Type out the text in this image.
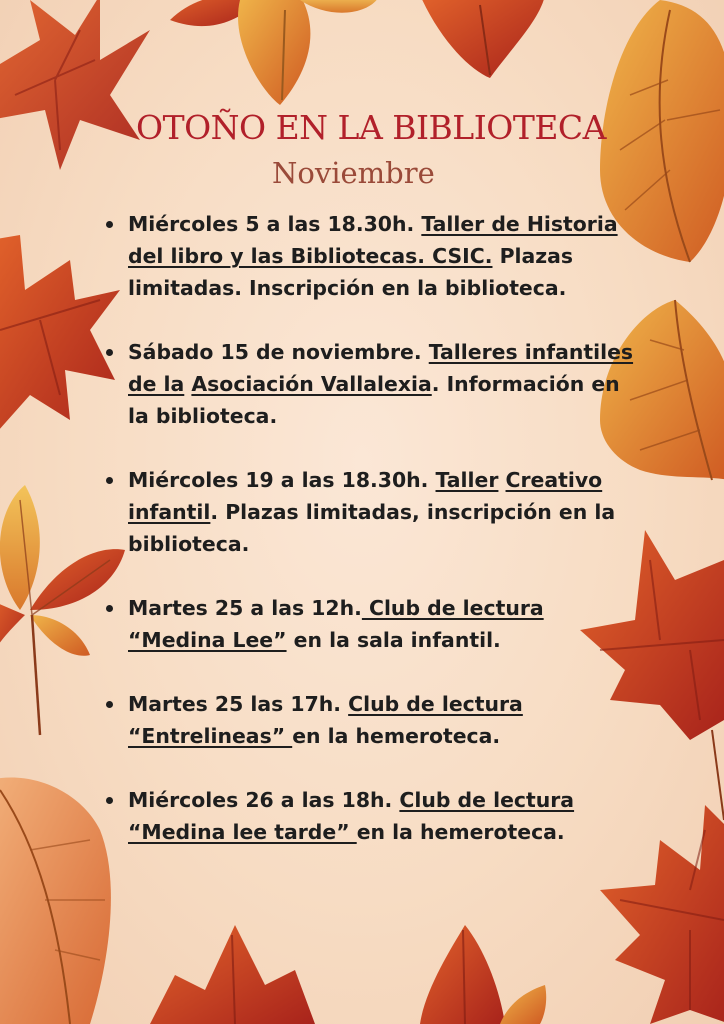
OTOÑO EN LA BIBLIOTECA
Noviembre
Miércoles 5 a las 18.30h. Taller de Historia del libro y las Bibliotecas. CSIC. Plazas limitadas. Inscripción en la biblioteca.
Sábado 15 de noviembre. Talleres infantiles de la Asociación Vallalexia. Información en la biblioteca.
Miércoles 19 a las 18.30h. Taller Creativo infantil. Plazas limitadas, inscripción en la biblioteca.
Martes 25 a las 12h. Club de lectura “Medina Lee” en la sala infantil.
Martes 25 las 17h. Club de lectura “Entrelineas” en la hemeroteca.
Miércoles 26 a las 18h. Club de lectura “Medina lee tarde” en la hemeroteca.
